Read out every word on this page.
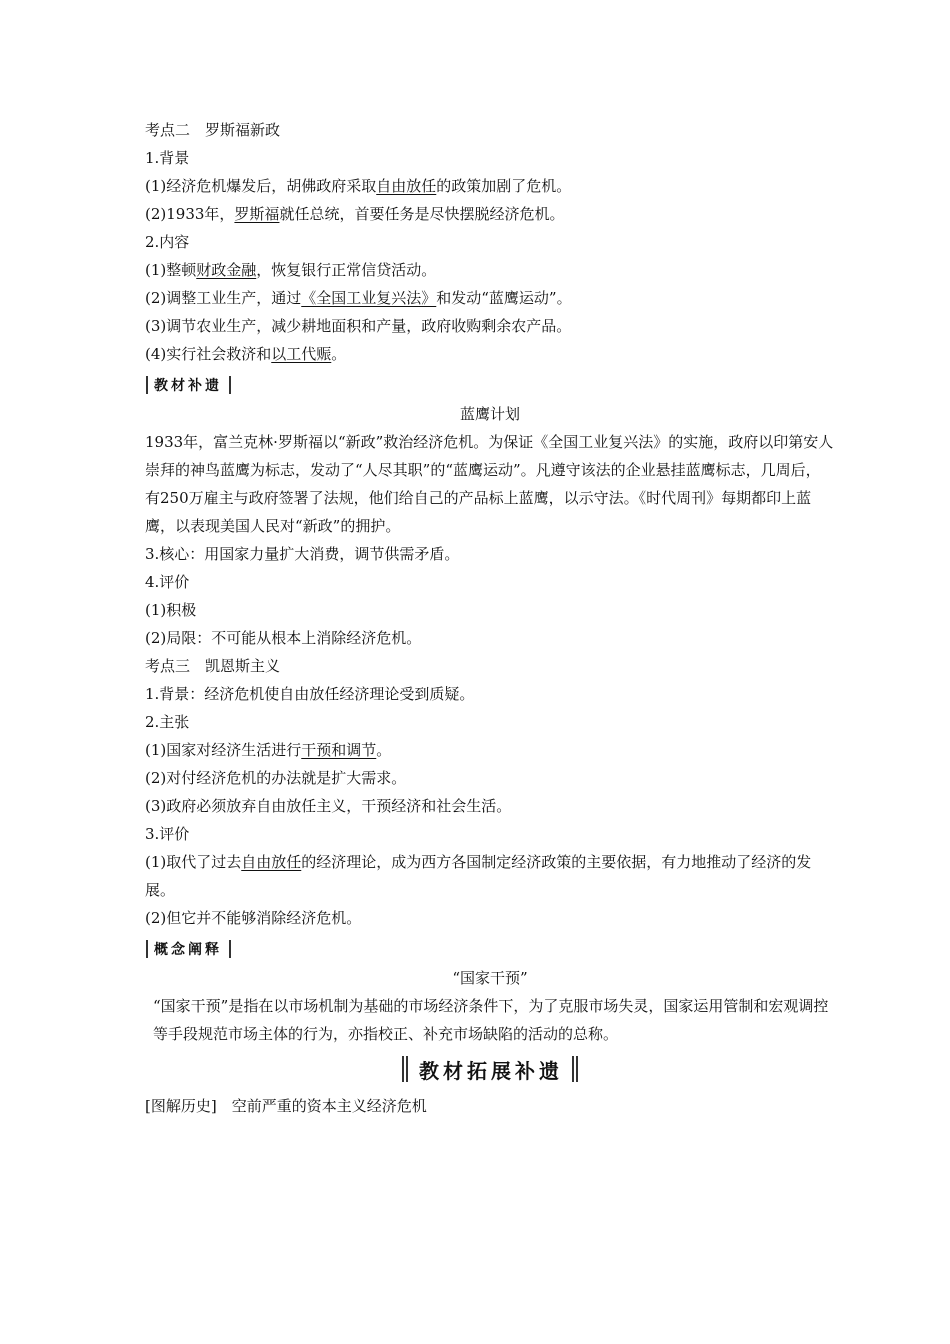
考点二　罗斯福新政
1.背景
(1)经济危机爆发后，胡佛政府采取自由放任的政策加剧了危机。
(2)1933年，罗斯福就任总统，首要任务是尽快摆脱经济危机。
2.内容
(1)整顿财政金融，恢复银行正常信贷活动。
(2)调整工业生产，通过《全国工业复兴法》和发动“蓝鹰运动”。
(3)调节农业生产，减少耕地面积和产量，政府收购剩余农产品。
(4)实行社会救济和以工代赈。
教材补遗
蓝鹰计划
1933年，富兰克林·罗斯福以“新政”救治经济危机。为保证《全国工业复兴法》的实施，政府以印第安人崇拜的神鸟蓝鹰为标志，发动了“人尽其职”的“蓝鹰运动”。凡遵守该法的企业悬挂蓝鹰标志，几周后，有250万雇主与政府签署了法规，他们给自己的产品标上蓝鹰，以示守法。《时代周刊》每期都印上蓝鹰，以表现美国人民对“新政”的拥护。
3.核心：用国家力量扩大消费，调节供需矛盾。
4.评价
(1)积极
(2)局限：不可能从根本上消除经济危机。
考点三　凯恩斯主义
1.背景：经济危机使自由放任经济理论受到质疑。
2.主张
(1)国家对经济生活进行干预和调节。
(2)对付经济危机的办法就是扩大需求。
(3)政府必须放弃自由放任主义，干预经济和社会生活。
3.评价
(1)取代了过去自由放任的经济理论，成为西方各国制定经济政策的主要依据，有力地推动了经济的发展。
(2)但它并不能够消除经济危机。
概念阐释
“国家干预”
“国家干预”是指在以市场机制为基础的市场经济条件下，为了克服市场失灵，国家运用管制和宏观调控等手段规范市场主体的行为，亦指校正、补充市场缺陷的活动的总称。
教材拓展补遗
[图解历史]　空前严重的资本主义经济危机
